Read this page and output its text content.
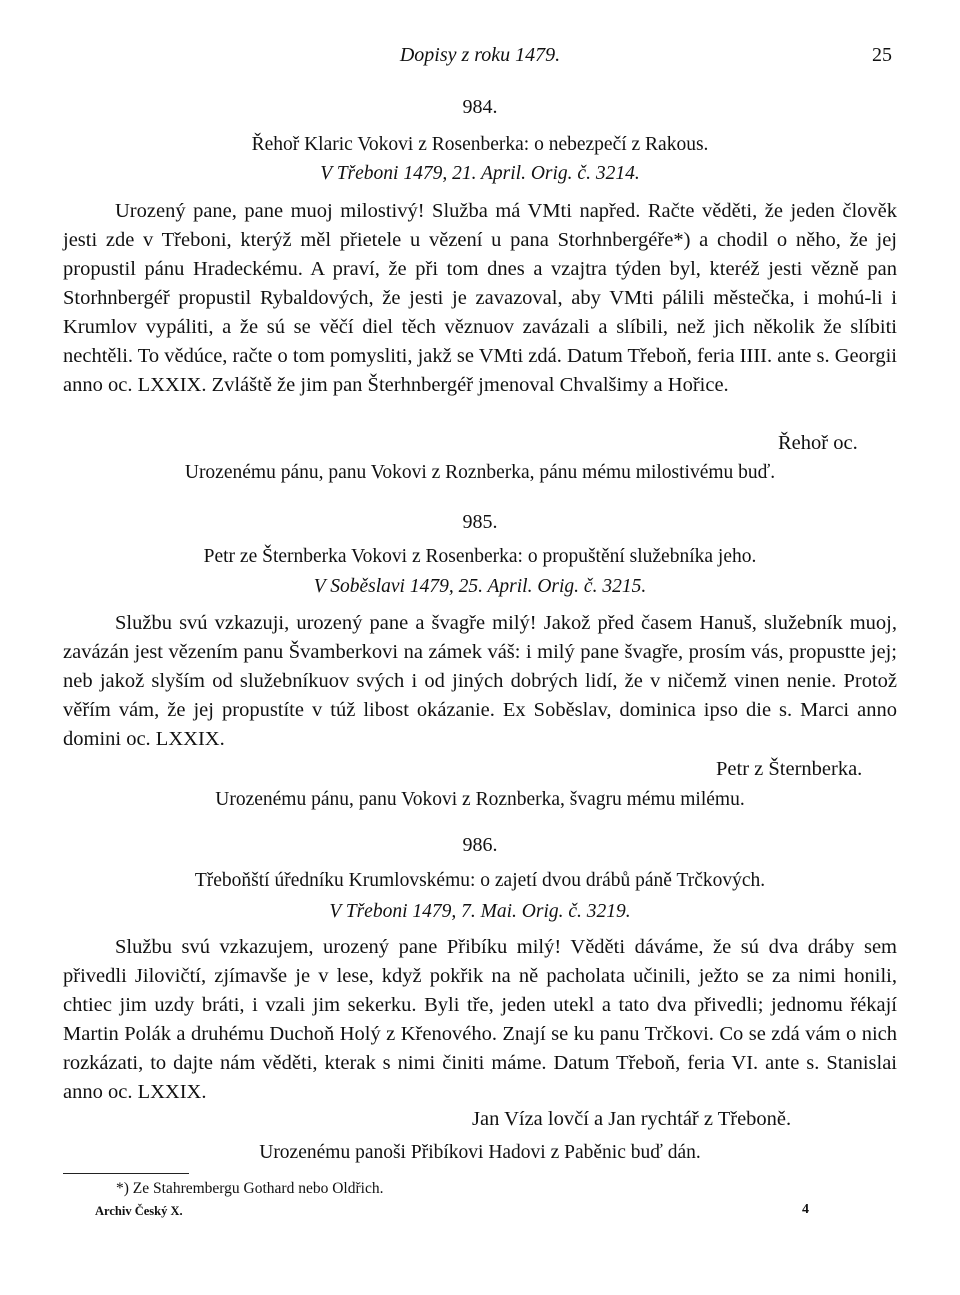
Dopisy z roku 1479.	25
984.
Řehoř Klaric Vokovi z Rosenberka: o nebezpečí z Rakous.
V Třeboni 1479, 21. April. Orig. č. 3214.

Urozený pane, pane muoj milostivý! Služba má VMti napřed. Račte věděti, že jeden člověk jesti zde v Třeboni, kterýž měl přietele u vězení u pana Storhnbergéře*) a chodil o něho, že jej propustil pánu Hradeckému. A praví, že při tom dnes a vzajtra týden byl, kteréž jesti vězně pan Storhnbergéř propustil Rybaldových, že jesti je zavazoval, aby VMti pálili městečka, i mohú-li i Krumlov vypáliti, a že sú se věčí diel těch věznuov zavázali a slíbili, než jich několik že slíbiti nechtěli. To vědúce, račte o tom pomysliti, jakž se VMti zdá. Datum Třeboň, feria IIII. ante s. Georgii anno oc. LXXIX. Zvláště že jim pan Šterhnbergéř jmenoval Chvalšimy a Hořice.

Řehoř oc.
Urozenému pánu, panu Vokovi z Roznberka, pánu mému milostivému buď.
985.
Petr ze Šternberka Vokovi z Rosenberka: o propuštění služebníka jeho.
V Soběslavi 1479, 25. April. Orig. č. 3215.

Službu svú vzkazuji, urozený pane a švagře milý! Jakož před časem Hanuš, služebník muoj, zavázán jest vězením panu Švamberkovi na zámek váš: i milý pane švagře, prosím vás, propustte jej; neb jakož slyším od služebníkuov svých i od jiných dobrých lidí, že v ničemž vinen nenie. Protož věřím vám, že jej propustíte v túž libost okázanie. Ex Soběslav, dominica ipso die s. Marci anno domini oc. LXXIX.

Petr z Šternberka.
Urozenému pánu, panu Vokovi z Roznberka, švagru mému milému.
986.
Třeboňští úředníku Krumlovskému: o zajetí dvou drábů páně Trčkových.
V Třeboni 1479, 7. Mai. Orig. č. 3219.

Službu svú vzkazujem, urozený pane Přibíku milý! Věděti dáváme, že sú dva dráby sem přivedli Jilovičtí, zjímavše je v lese, když pokřik na ně pacholata učinili, ježto se za nimi honili, chtiec jim uzdy bráti, i vzali jim sekerku. Byli tře, jeden utekl a tato dva přivedli; jednomu řékají Martin Polák a druhému Duchoň Holý z Křenového. Znají se ku panu Trčkovi. Co se zdá vám o nich rozkázati, to dajte nám věděti, kterak s nimi činiti máme. Datum Třeboň, feria VI. ante s. Stanislai anno oc. LXXIX.

Jan Víza lovčí a Jan rychtář z Třeboně.
Urozenému panoši Přibíkovi Hadovi z Paběnic buď dán.
*) Ze Stahrembergu Gothard nebo Oldřich.
Archiv Český X.	4
